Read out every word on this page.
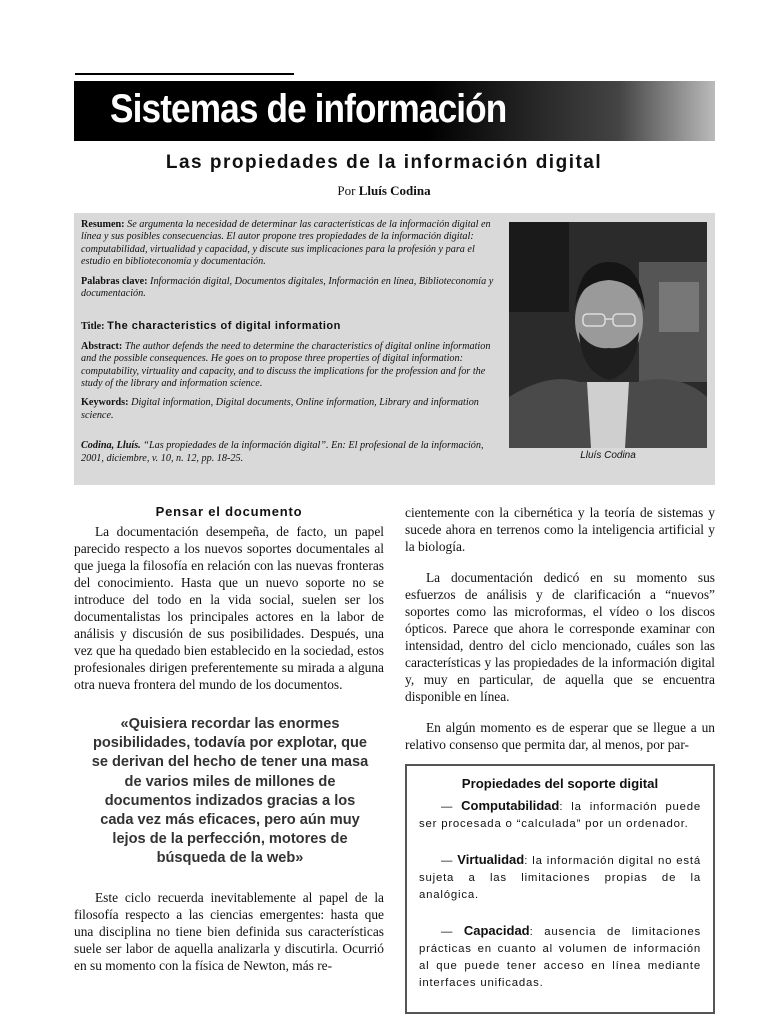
Sistemas de información
Las propiedades de la información digital
Por Lluís Codina

Resumen: Se argumenta la necesidad de determinar las características de la información digital en línea y sus posibles consecuencias. El autor propone tres propiedades de la información digital: computabilidad, virtualidad y capacidad, y discute sus implicaciones para la profesión y para el estudio en biblioteconomía y documentación.

Palabras clave: Información digital, Documentos digitales, Información en línea, Biblioteconomía y documentación.

Title: The characteristics of digital information

Abstract: The author defends the need to determine the characteristics of digital online information and the possible consequences. He goes on to propose three properties of digital information: computability, virtuality and capacity, and to discuss the implications for the profession and for the study of the library and information science.

Keywords: Digital information, Digital documents, Online information, Library and information science.

Codina, Lluís. “Las propiedades de la información digital”. En: El profesional de la información, 2001, diciembre, v. 10, n. 12, pp. 18-25.	Lluís Codina
Pensar el documento

La documentación desempeña, de facto, un papel parecido respecto a los nuevos soportes documentales al que juega la filosofía en relación con las nuevas fronteras del conocimiento. Hasta que un nuevo soporte no se introduce del todo en la vida social, suelen ser los documentalistas los principales actores en la labor de análisis y discusión de sus posibilidades. Después, una vez que ha quedado bien establecido en la sociedad, estos profesionales dirigen preferentemente su mirada a alguna otra nueva frontera del mundo de los documentos.

«Quisiera recordar las enormes posibilidades, todavía por explotar, que se derivan del hecho de tener una masa de varios miles de millones de documentos indizados gracias a los cada vez más eficaces, pero aún muy lejos de la perfección, motores de búsqueda de la web»

Este ciclo recuerda inevitablemente al papel de la filosofía respecto a las ciencias emergentes: hasta que una disciplina no tiene bien definida sus características suele ser labor de aquella analizarla y discutirla. Ocurrió en su momento con la física de Newton, más re-

cientemente con la cibernética y la teoría de sistemas y sucede ahora en terrenos como la inteligencia artificial y la biología.

La documentación dedicó en su momento sus esfuerzos de análisis y de clarificación a “nuevos” soportes como las microformas, el vídeo o los discos ópticos. Parece que ahora le corresponde examinar con intensidad, dentro del ciclo mencionado, cuáles son las características y las propiedades de la información digital y, muy en particular, de aquella que se encuentra disponible en línea.

En algún momento es de esperar que se llegue a un relativo consenso que permita dar, al menos, por par-

Propiedades del soporte digital
— Computabilidad: la información puede ser procesada o “calculada” por un ordenador.
— Virtualidad: la información digital no está sujeta a las limitaciones propias de la analógica.
— Capacidad: ausencia de limitaciones prácticas en cuanto al volumen de información al que puede tener acceso en línea mediante interfaces unificadas.
